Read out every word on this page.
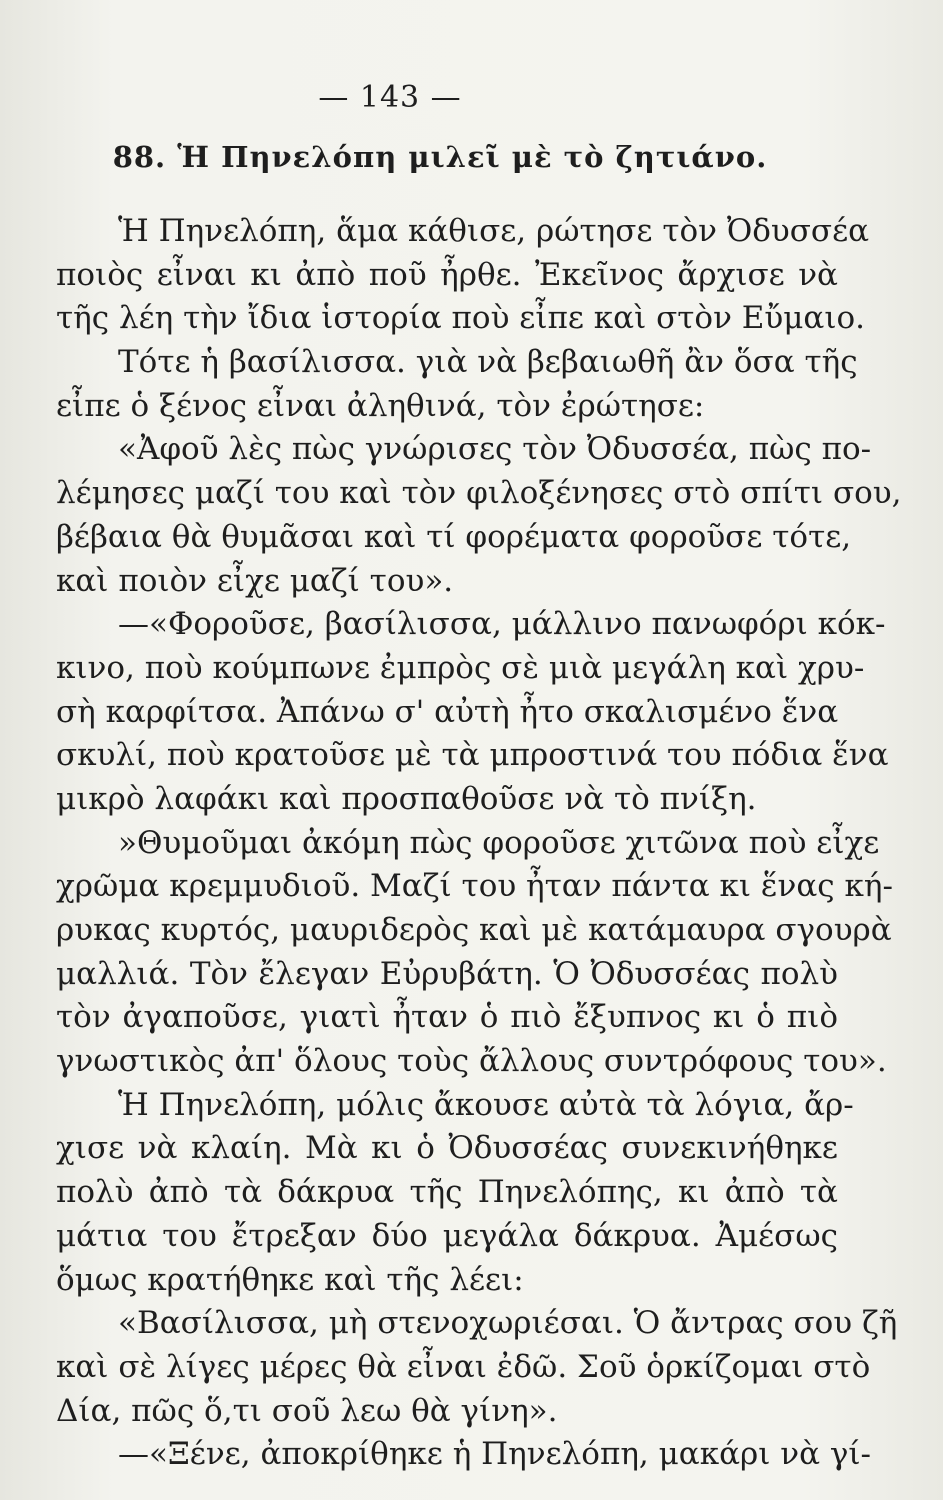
— 143 —
88. Ἡ Πηνελόπη μιλεῖ μὲ τὸ ζητιάνο.
Ἡ Πηνελόπη, ἅμα κάθισε, ρώτησε τὸν Ὀδυσσέα
ποιὸς εἶναι κι ἀπὸ ποῦ ἦρθε. Ἐκεῖνος ἄρχισε νὰ
τῆς λέη τὴν ἴδια ἱστορία ποὺ εἶπε καὶ στὸν Εὔμαιο.
Τότε ἡ βασίλισσα. γιὰ νὰ βεβαιωθῆ ἂν ὅσα τῆς
εἶπε ὁ ξένος εἶναι ἀληθινά, τὸν ἐρώτησε:
«Ἀφοῦ λὲς πὼς γνώρισες τὸν Ὀδυσσέα, πὼς πο-
λέμησες μαζί του καὶ τὸν φιλοξένησες στὸ σπίτι σου,
βέβαια θὰ θυμᾶσαι καὶ τί φορέματα φοροῦσε τότε,
καὶ ποιὸν εἶχε μαζί του».
—«Φοροῦσε, βασίλισσα, μάλλινο πανωφόρι κόκ-
κινο, ποὺ κούμπωνε ἐμπρὸς σὲ μιὰ μεγάλη καὶ χρυ-
σὴ καρφίτσα. Ἀπάνω σ' αὐτὴ ἦτο σκαλισμένο ἕνα
σκυλί, ποὺ κρατοῦσε μὲ τὰ μπροστινά του πόδια ἕνα
μικρὸ λαφάκι καὶ προσπαθοῦσε νὰ τὸ πνίξη.
»Θυμοῦμαι ἀκόμη πὼς φοροῦσε χιτῶνα ποὺ εἶχε
χρῶμα κρεμμυδιοῦ. Μαζί του ἦταν πάντα κι ἕνας κή-
ρυκας κυρτός, μαυριδερὸς καὶ μὲ κατάμαυρα σγουρὰ
μαλλιά. Τὸν ἔλεγαν Εὐρυβάτη. Ὁ Ὀδυσσέας πολὺ
τὸν ἀγαποῦσε, γιατὶ ἦταν ὁ πιὸ ἔξυπνος κι ὁ πιὸ
γνωστικὸς ἀπ' ὅλους τοὺς ἄλλους συντρόφους του».
Ἡ Πηνελόπη, μόλις ἄκουσε αὐτὰ τὰ λόγια, ἄρ-
χισε νὰ κλαίη. Μὰ κι ὁ Ὀδυσσέας συνεκινήθηκε
πολὺ ἀπὸ τὰ δάκρυα τῆς Πηνελόπης, κι ἀπὸ τὰ
μάτια του ἔτρεξαν δύο μεγάλα δάκρυα. Ἀμέσως
ὅμως κρατήθηκε καὶ τῆς λέει:
«Βασίλισσα, μὴ στενοχωριέσαι. Ὁ ἄντρας σου ζῆ
καὶ σὲ λίγες μέρες θὰ εἶναι ἐδῶ. Σοῦ ὁρκίζομαι στὸ
Δία, πῶς ὅ,τι σοῦ λεω θὰ γίνη».
—«Ξένε, ἀποκρίθηκε ἡ Πηνελόπη, μακάρι νὰ γί-
